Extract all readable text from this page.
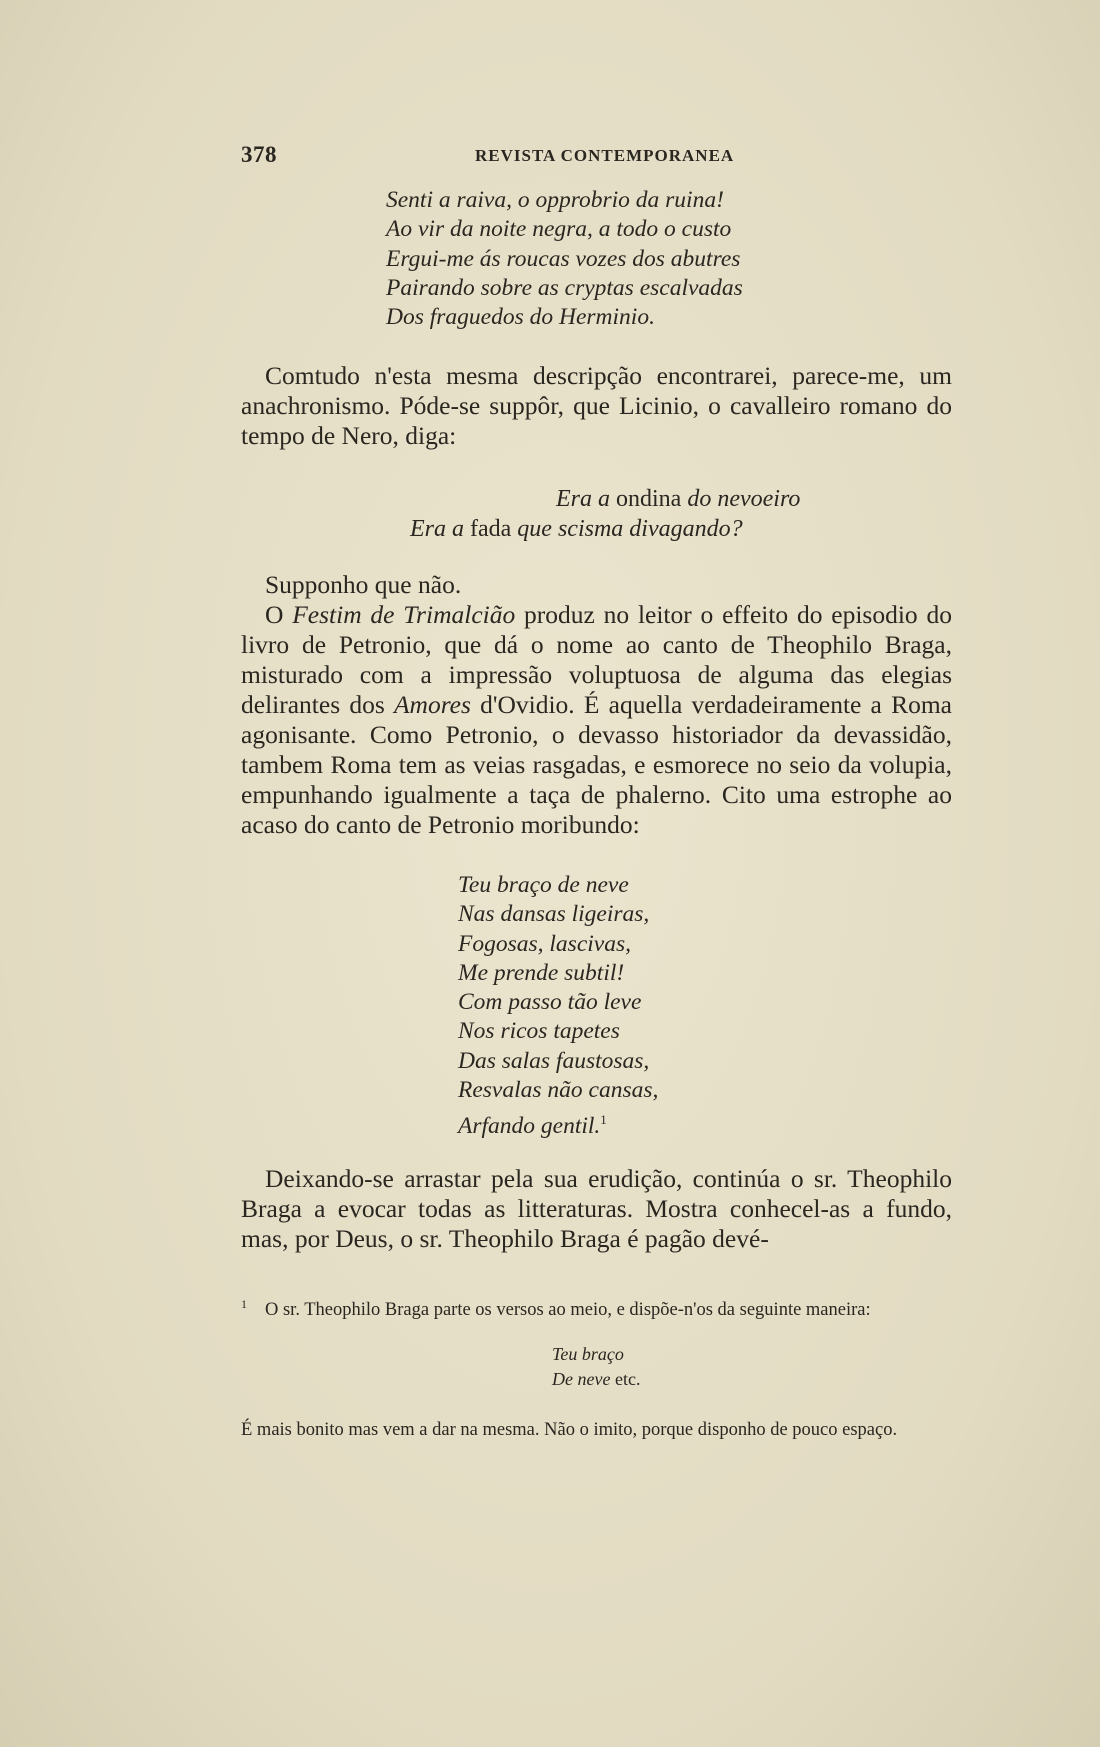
378	REVISTA CONTEMPORANEA
Senti a raiva, o opprobrio da ruina!
Ao vir da noite negra, a todo o custo
Ergui-me ás roucas vozes dos abutres
Pairando sobre as cryptas escalvadas
Dos fraguedos do Herminio.

Comtudo n'esta mesma descripção encontrarei, parece-me, um anachronismo. Póde-se suppôr, que Licinio, o cavalleiro romano do tempo de Nero, diga:

Era a ondina do nevoeiro
Era a fada que scisma divagando?

Supponho que não.

O Festim de Trimalcião produz no leitor o effeito do episodio do livro de Petronio, que dá o nome ao canto de Theophilo Braga, misturado com a impressão voluptuosa de alguma das elegias delirantes dos Amores d'Ovidio. É aquella verdadeiramente a Roma agonisante. Como Petronio, o devasso historiador da devassidão, tambem Roma tem as veias rasgadas, e esmorece no seio da volupia, empunhando igualmente a taça de phalerno. Cito uma estrophe ao acaso do canto de Petronio moribundo:

Teu braço de neve
Nas dansas ligeiras,
Fogosas, lascivas,
Me prende subtil!
Com passo tão leve
Nos ricos tapetes
Das salas faustosas,
Resvalas não cansas,
Arfando gentil.$^1$

Deixando-se arrastar pela sua erudição, continúa o sr. Theophilo Braga a evocar todas as litteraturas. Mostra conhecel-as a fundo, mas, por Deus, o sr. Theophilo Braga é pagão devé-

$^1$ O sr. Theophilo Braga parte os versos ao meio, e dispõe-n'os da seguinte maneira:

Teu braço
De neve etc.

É mais bonito mas vem a dar na mesma. Não o imito, porque disponho de pouco espaço.
